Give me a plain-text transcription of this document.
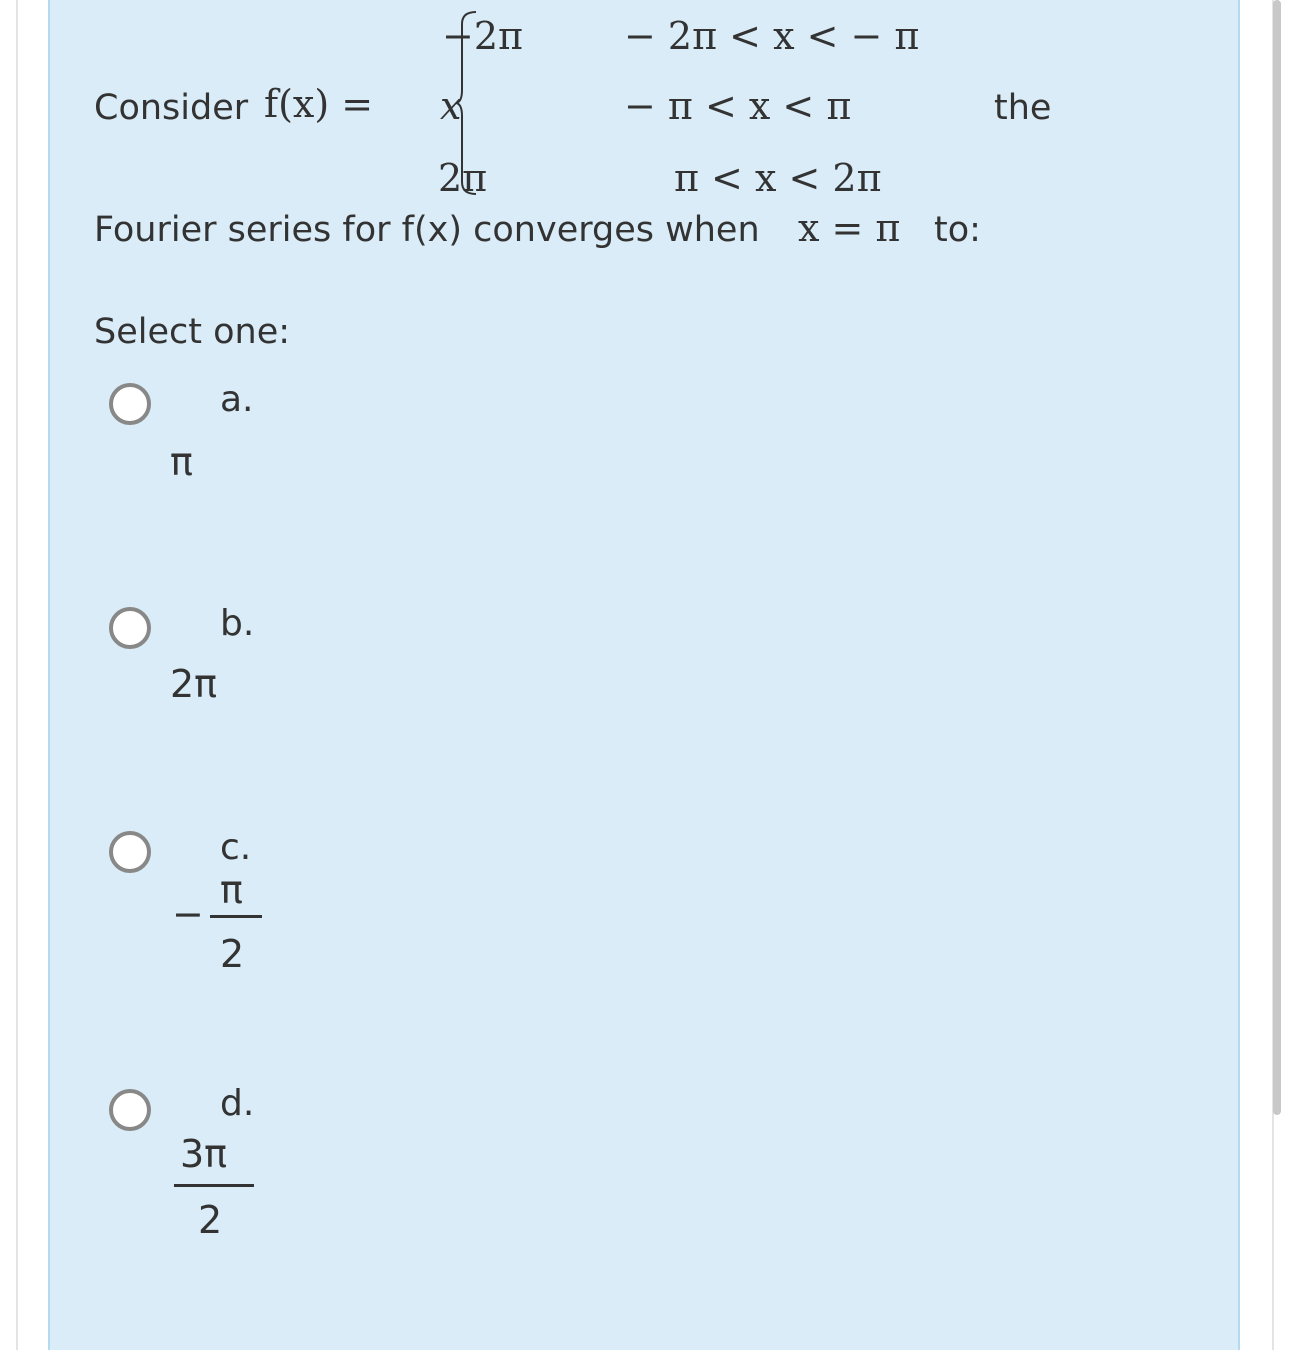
Consider f(x) =
−2π	− 2π < x < − π
x	− π < x < π
2π	π < x < 2π
the
Fourier series for f(x) converges when x = π to:
Select one:
a.
π
b.
2π
c.
−
π
2
d.
3π
2
